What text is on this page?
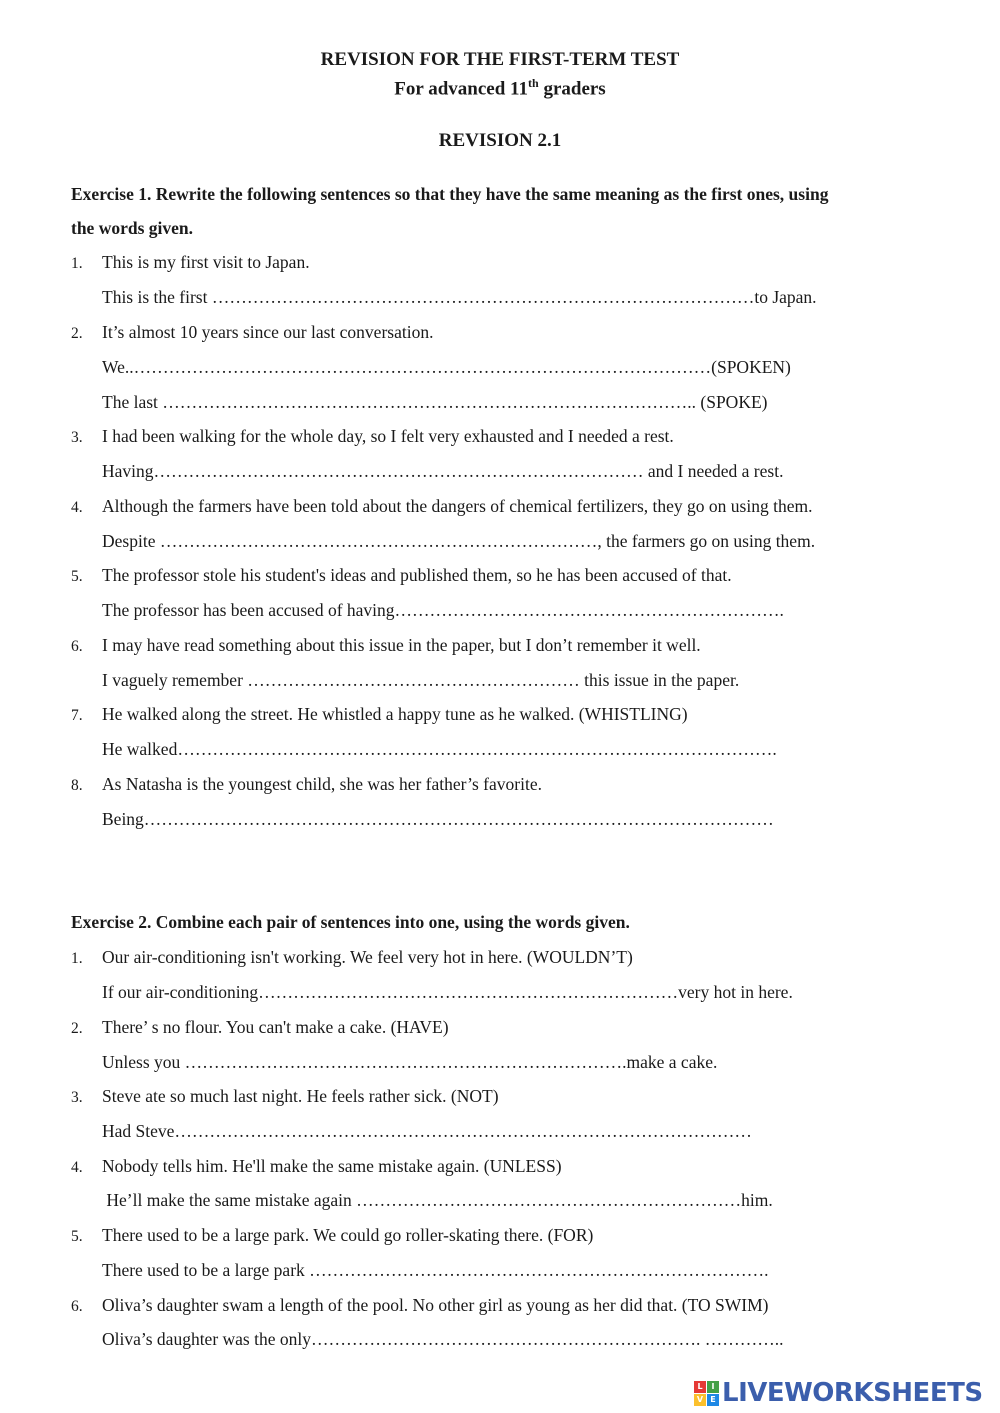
REVISION FOR THE FIRST-TERM TEST
For advanced 11th graders
REVISION 2.1
Exercise 1. Rewrite the following sentences so that they have the same meaning as the first ones, using
the words given.
1. This is my first visit to Japan.
This is the first …………………………………………………………………………………to Japan.
2. It’s almost 10 years since our last conversation.
We..………………………………………………………………………………………(SPOKEN)
The last ……………………………………………………………………………….. (SPOKE)
3. I had been walking for the whole day, so I felt very exhausted and I needed a rest.
Having………………………………………………………………………… and I needed a rest.
4. Although the farmers have been told about the dangers of chemical fertilizers, they go on using them.
Despite …………………………………………………………………, the farmers go on using them.
5. The professor stole his student's ideas and published them, so he has been accused of that.
The professor has been accused of having………………………………………………………….
6. I may have read something about this issue in the paper, but I don’t remember it well.
I vaguely remember ………………………………………………… this issue in the paper.
7. He walked along the street. He whistled a happy tune as he walked. (WHISTLING)
He walked………………………………………………………………………………………….
8. As Natasha is the youngest child, she was her father’s favorite.
Being………………………………………………………………………………………………
Exercise 2. Combine each pair of sentences into one, using the words given.
1. Our air-conditioning isn't working. We feel very hot in here. (WOULDN’T)
If our air-conditioning………………………………………………………………very hot in here.
2. There’ s no flour. You can't make a cake. (HAVE)
Unless you ………………………………………………………………….make a cake.
3. Steve ate so much last night. He feels rather sick. (NOT)
Had Steve………………………………………………………………………………………
4. Nobody tells him. He'll make the same mistake again. (UNLESS)
He’ll make the same mistake again …………………………………………………………him.
5. There used to be a large park. We could go roller-skating there. (FOR)
There used to be a large park …………………………………………………………………….
6. Oliva’s daughter swam a length of the pool. No other girl as young as her did that. (TO SWIM)
Oliva’s daughter was the only…………………………………………………………. …………..
L	I
V E LIVEWORKSHEETS
